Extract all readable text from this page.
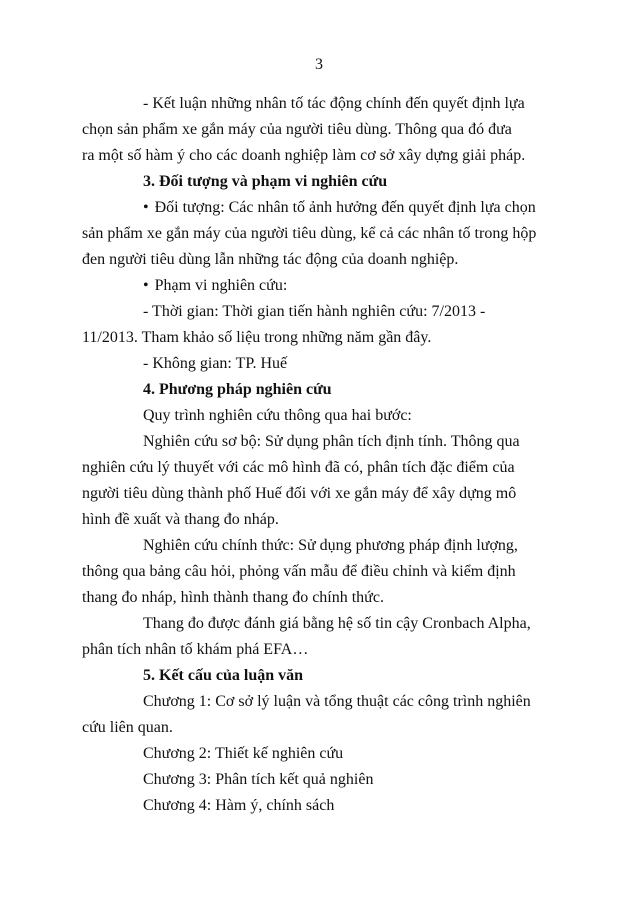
3
- Kết luận những nhân tố tác động chính đến quyết định lựa
chọn sản phẩm xe gắn máy của người tiêu dùng. Thông qua đó đưa
ra một số hàm ý cho các doanh nghiệp làm cơ sở xây dựng giải pháp.
3. Đối tượng và phạm vi nghiên cứu
• Đối tượng: Các nhân tố ảnh hưởng đến quyết định lựa chọn
sản phẩm xe gắn máy của người tiêu dùng, kể cả các nhân tố trong hộp
đen người tiêu dùng lẫn những tác động của doanh nghiệp.
• Phạm vi nghiên cứu:
- Thời gian: Thời gian tiến hành nghiên cứu: 7/2013 -
11/2013. Tham khảo số liệu trong những năm gần đây.
- Không gian: TP. Huế
4. Phương pháp nghiên cứu
Quy trình nghiên cứu thông qua hai bước:
Nghiên cứu sơ bộ: Sử dụng phân tích định tính. Thông qua
nghiên cứu lý thuyết với các mô hình đã có, phân tích đặc điểm của
người tiêu dùng thành phố Huế đối với xe gắn máy để xây dựng mô
hình đề xuất và thang đo nháp.
Nghiên cứu chính thức: Sử dụng phương pháp định lượng,
thông qua bảng câu hỏi, phỏng vấn mẫu để điều chỉnh và kiểm định
thang đo nháp, hình thành thang đo chính thức.
Thang đo được đánh giá bằng hệ số tin cậy Cronbach Alpha,
phân tích nhân tố khám phá EFA…
5. Kết cấu của luận văn
Chương 1: Cơ sở lý luận và tổng thuật các công trình nghiên
cứu liên quan.
Chương 2: Thiết kế nghiên cứu
Chương 3: Phân tích kết quả nghiên
Chương 4: Hàm ý, chính sách
